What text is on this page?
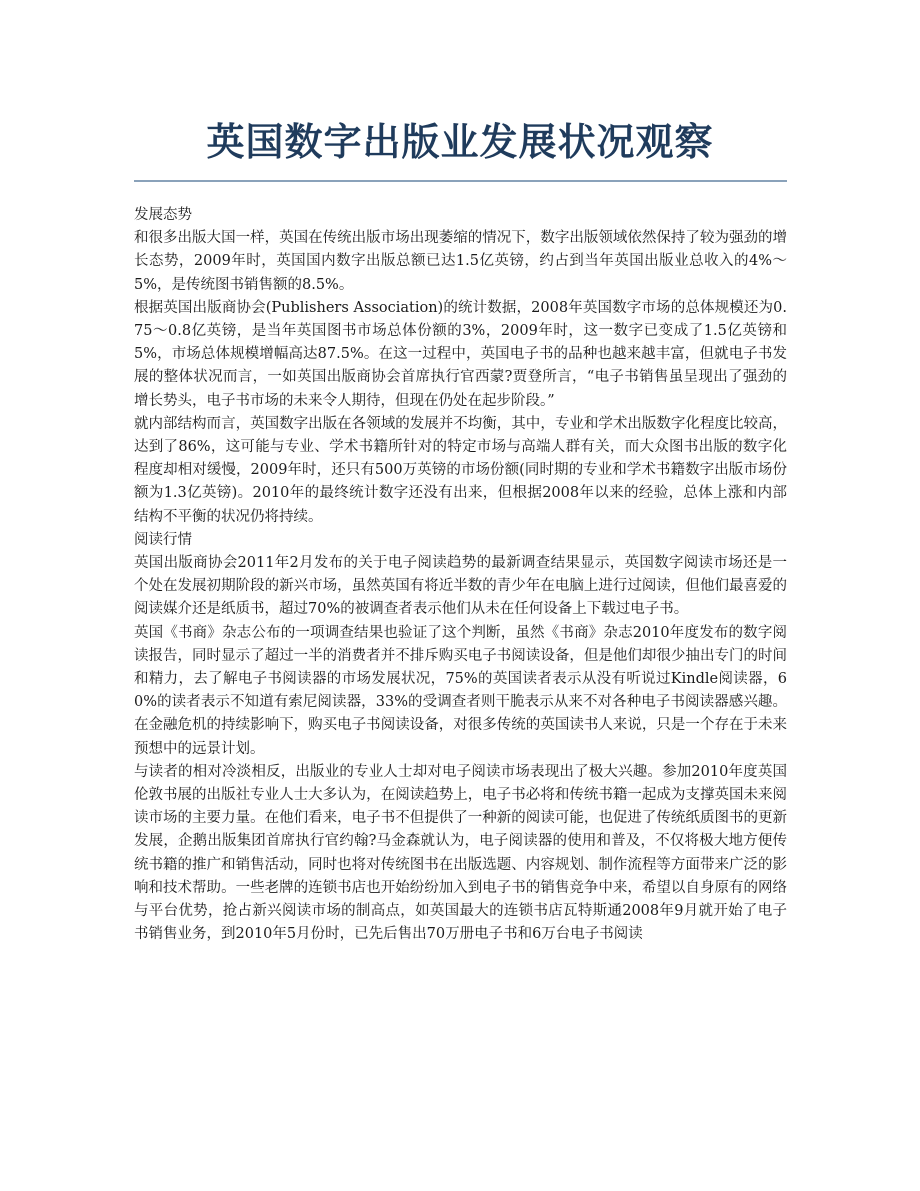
英国数字出版业发展状况观察

发展态势

和很多出版大国一样，英国在传统出版市场出现萎缩的情况下，数字出版领域依然保持了较为强劲的增长态势，2009年时，英国国内数字出版总额已达1.5亿英镑，约占到当年英国出版业总收入的4%～5%，是传统图书销售额的8.5%。

根据英国出版商协会(Publishers Association)的统计数据，2008年英国数字市场的总体规模还为0.75～0.8亿英镑，是当年英国图书市场总体份额的3%，2009年时，这一数字已变成了1.5亿英镑和5%，市场总体规模增幅高达87.5%。在这一过程中，英国电子书的品种也越来越丰富，但就电子书发展的整体状况而言，一如英国出版商协会首席执行官西蒙?贾登所言，“电子书销售虽呈现出了强劲的增长势头，电子书市场的未来令人期待，但现在仍处在起步阶段。”

就内部结构而言，英国数字出版在各领域的发展并不均衡，其中，专业和学术出版数字化程度比较高，达到了86%，这可能与专业、学术书籍所针对的特定市场与高端人群有关，而大众图书出版的数字化程度却相对缓慢，2009年时，还只有500万英镑的市场份额(同时期的专业和学术书籍数字出版市场份额为1.3亿英镑)。2010年的最终统计数字还没有出来，但根据2008年以来的经验，总体上涨和内部结构不平衡的状况仍将持续。

阅读行情

英国出版商协会2011年2月发布的关于电子阅读趋势的最新调查结果显示，英国数字阅读市场还是一个处在发展初期阶段的新兴市场，虽然英国有将近半数的青少年在电脑上进行过阅读，但他们最喜爱的阅读媒介还是纸质书，超过70%的被调查者表示他们从未在任何设备上下载过电子书。

英国《书商》杂志公布的一项调查结果也验证了这个判断，虽然《书商》杂志2010年度发布的数字阅读报告，同时显示了超过一半的消费者并不排斥购买电子书阅读设备，但是他们却很少抽出专门的时间和精力，去了解电子书阅读器的市场发展状况，75%的英国读者表示从没有听说过Kindle阅读器，60%的读者表示不知道有索尼阅读器，33%的受调查者则干脆表示从来不对各种电子书阅读器感兴趣。在金融危机的持续影响下，购买电子书阅读设备，对很多传统的英国读书人来说，只是一个存在于未来预想中的远景计划。

与读者的相对冷淡相反，出版业的专业人士却对电子阅读市场表现出了极大兴趣。参加2010年度英国伦敦书展的出版社专业人士大多认为，在阅读趋势上，电子书必将和传统书籍一起成为支撑英国未来阅读市场的主要力量。在他们看来，电子书不但提供了一种新的阅读可能，也促进了传统纸质图书的更新发展，企鹅出版集团首席执行官约翰?马金森就认为，电子阅读器的使用和普及，不仅将极大地方便传统书籍的推广和销售活动，同时也将对传统图书在出版选题、内容规划、制作流程等方面带来广泛的影响和技术帮助。一些老牌的连锁书店也开始纷纷加入到电子书的销售竞争中来，希望以自身原有的网络与平台优势，抢占新兴阅读市场的制高点，如英国最大的连锁书店瓦特斯通2008年9月就开始了电子书销售业务，到2010年5月份时，已先后售出70万册电子书和6万台电子书阅读
